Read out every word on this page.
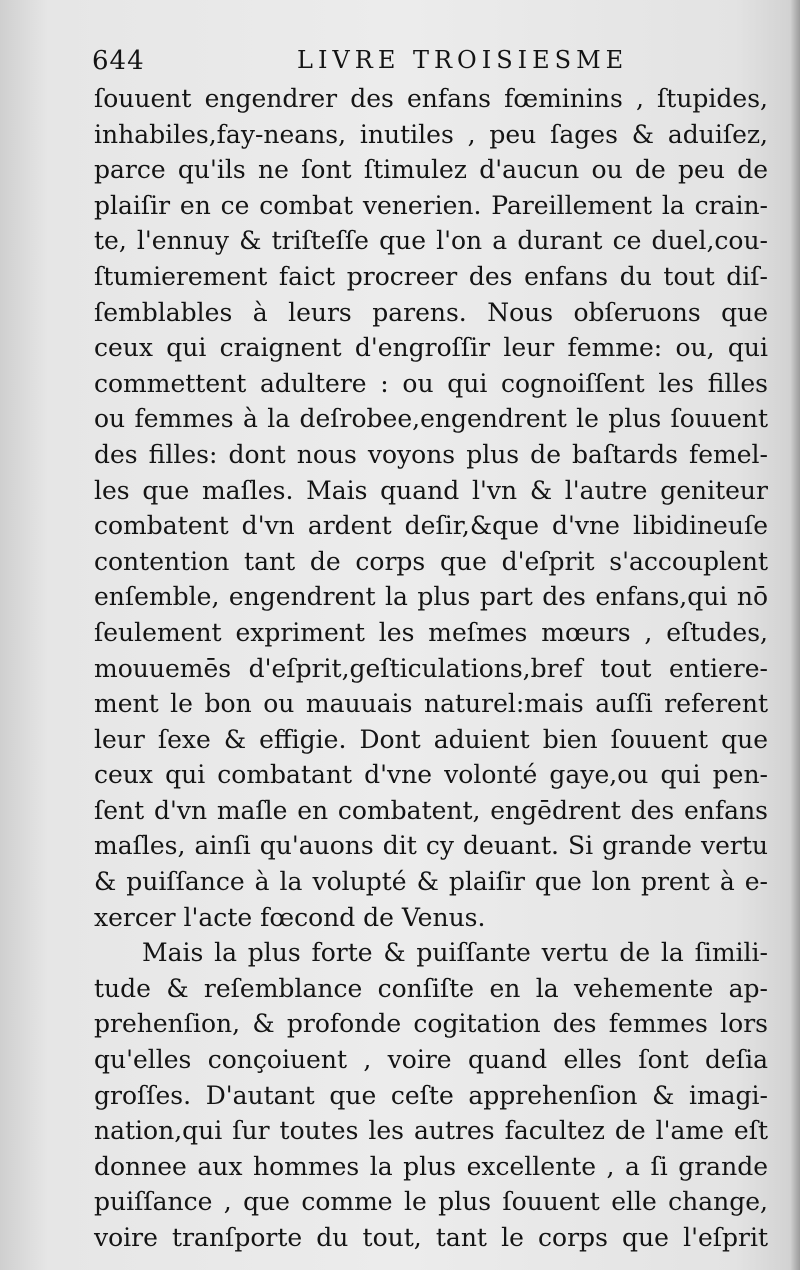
644	LIVRE TROISIESME
ſouuent engendrer des enfans fœminins , ſtupides,
inhabiles,fay-neans, inutiles , peu ſages & aduiſez,
parce qu'ils ne ſont ſtimulez d'aucun ou de peu de
plaiſir en ce combat venerien. Pareillement la crain-
te, l'ennuy & triſteſſe que l'on a durant ce duel,cou-
ſtumierement faict procreer des enfans du tout diſ-
ſemblables à leurs parens. Nous obſeruons que
ceux qui craignent d'engroſſir leur femme: ou, qui
commettent adultere : ou qui cognoiſſent les filles
ou femmes à la deſrobee,engendrent le plus ſouuent
des filles: dont nous voyons plus de baſtards femel-
les que maſles. Mais quand l'vn & l'autre geniteur
combatent d'vn ardent deſir,&que d'vne libidineuſe
contention tant de corps que d'eſprit s'accouplent
enſemble, engendrent la plus part des enfans,qui nō
ſeulement expriment les meſmes mœurs , eſtudes,
mouuemēs d'eſprit,geſticulations,bref tout entiere-
ment le bon ou mauuais naturel:mais auſſi referent
leur ſexe & effigie. Dont aduient bien ſouuent que
ceux qui combatant d'vne volonté gaye,ou qui pen-
ſent d'vn maſle en combatent, engēdrent des enfans
maſles, ainſi qu'auons dit cy deuant. Si grande vertu
& puiſſance à la volupté & plaiſir que lon prent à e-
xercer l'acte fœcond de Venus.
Mais la plus forte & puiſſante vertu de la ſimili-
tude & reſemblance conſiſte en la vehemente ap-
prehenſion, & profonde cogitation des femmes lors
qu'elles conçoiuent , voire quand elles ſont deſia
groſſes. D'autant que ceſte apprehenſion & imagi-
nation,qui ſur toutes les autres facultez de l'ame eſt
donnee aux hommes la plus excellente , a ſi grande
puiſſance , que comme le plus ſouuent elle change,
voire tranſporte du tout, tant le corps que l'eſprit
